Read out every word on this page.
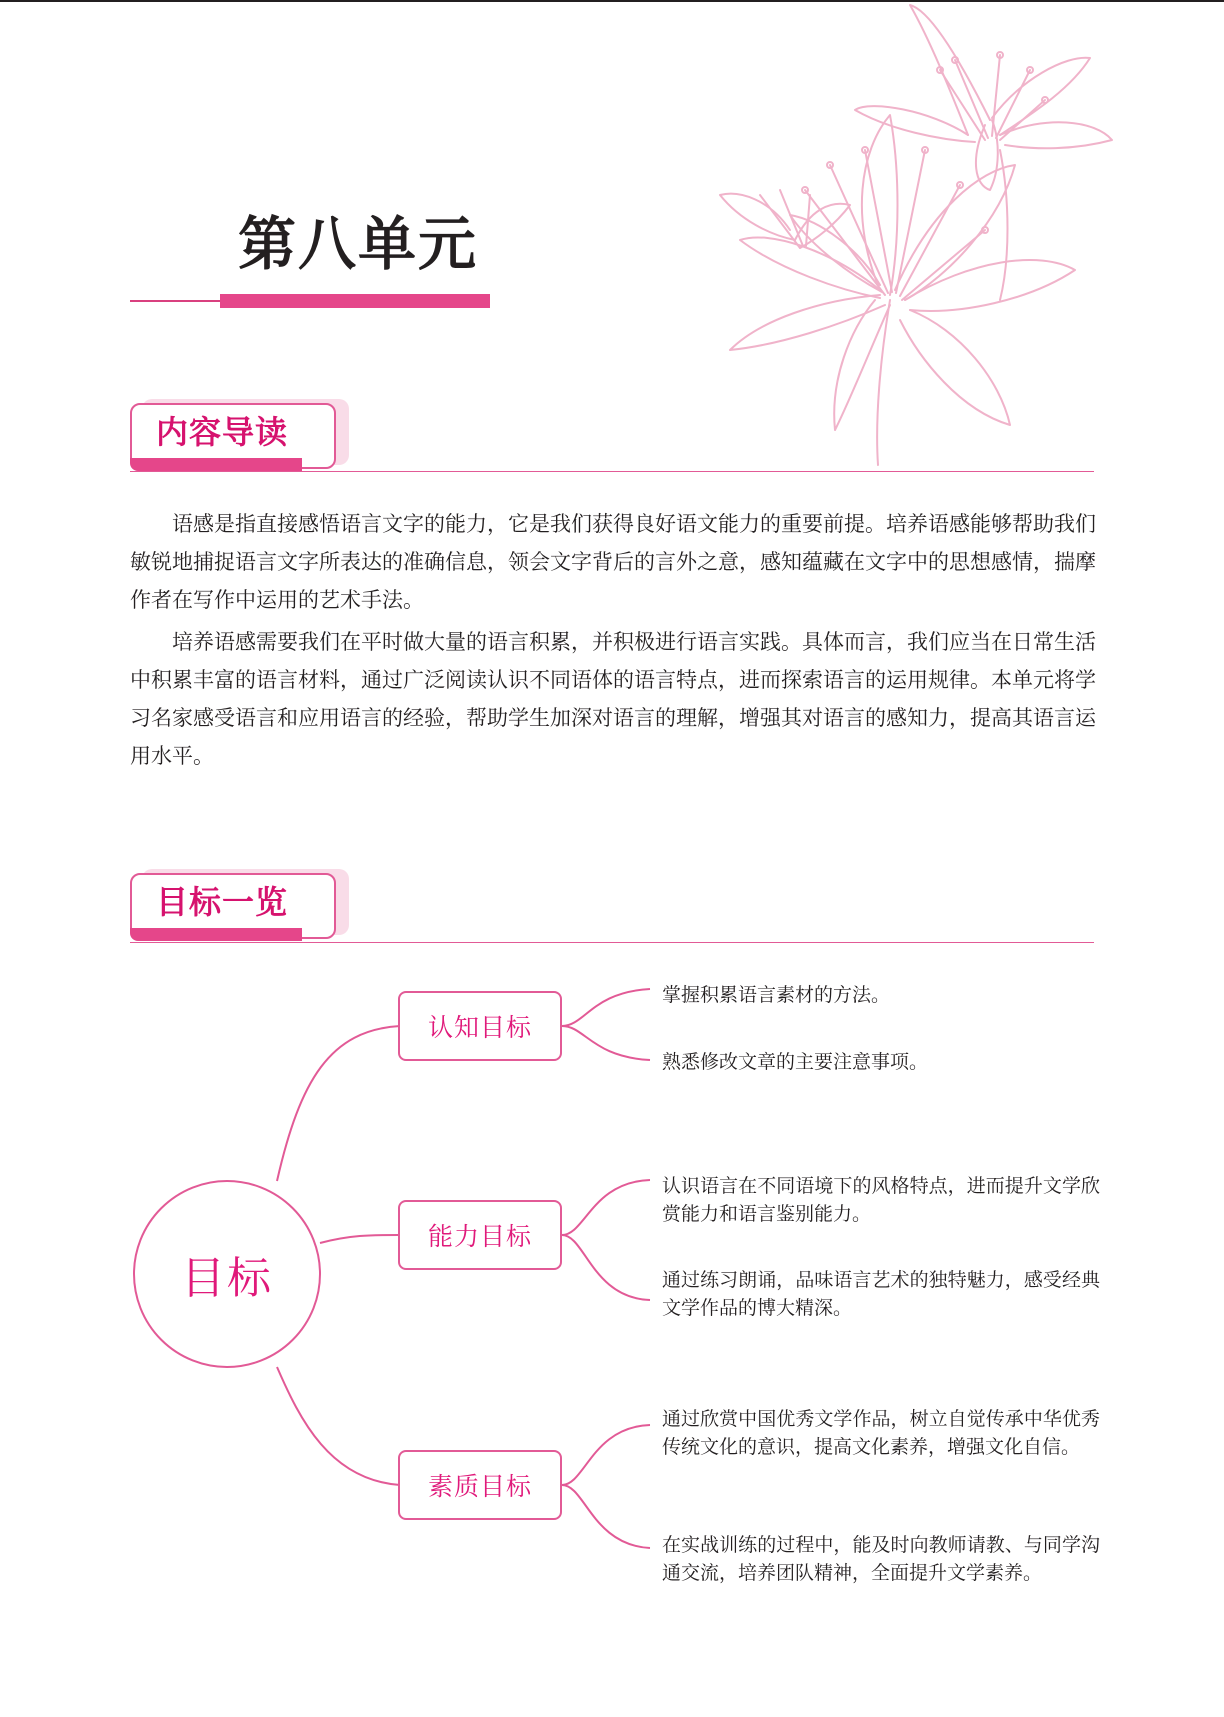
第八单元
内容导读

语感是指直接感悟语言文字的能力，它是我们获得良好语文能力的重要前提。培养语感能够帮助我们敏锐地捕捉语言文字所表达的准确信息，领会文字背后的言外之意，感知蕴藏在文字中的思想感情，揣摩作者在写作中运用的艺术手法。

培养语感需要我们在平时做大量的语言积累，并积极进行语言实践。具体而言，我们应当在日常生活中积累丰富的语言材料，通过广泛阅读认识不同语体的语言特点，进而探索语言的运用规律。本单元将学习名家感受语言和应用语言的经验，帮助学生加深对语言的理解，增强其对语言的感知力，提高其语言运用水平。

目标一览
目标
认知目标
能力目标
素质目标

掌握积累语言素材的方法。

熟悉修改文章的主要注意事项。

认识语言在不同语境下的风格特点，进而提升文学欣赏能力和语言鉴别能力。

通过练习朗诵，品味语言艺术的独特魅力，感受经典文学作品的博大精深。

通过欣赏中国优秀文学作品，树立自觉传承中华优秀传统文化的意识，提高文化素养，增强文化自信。

在实战训练的过程中，能及时向教师请教、与同学沟通交流，培养团队精神，全面提升文学素养。
